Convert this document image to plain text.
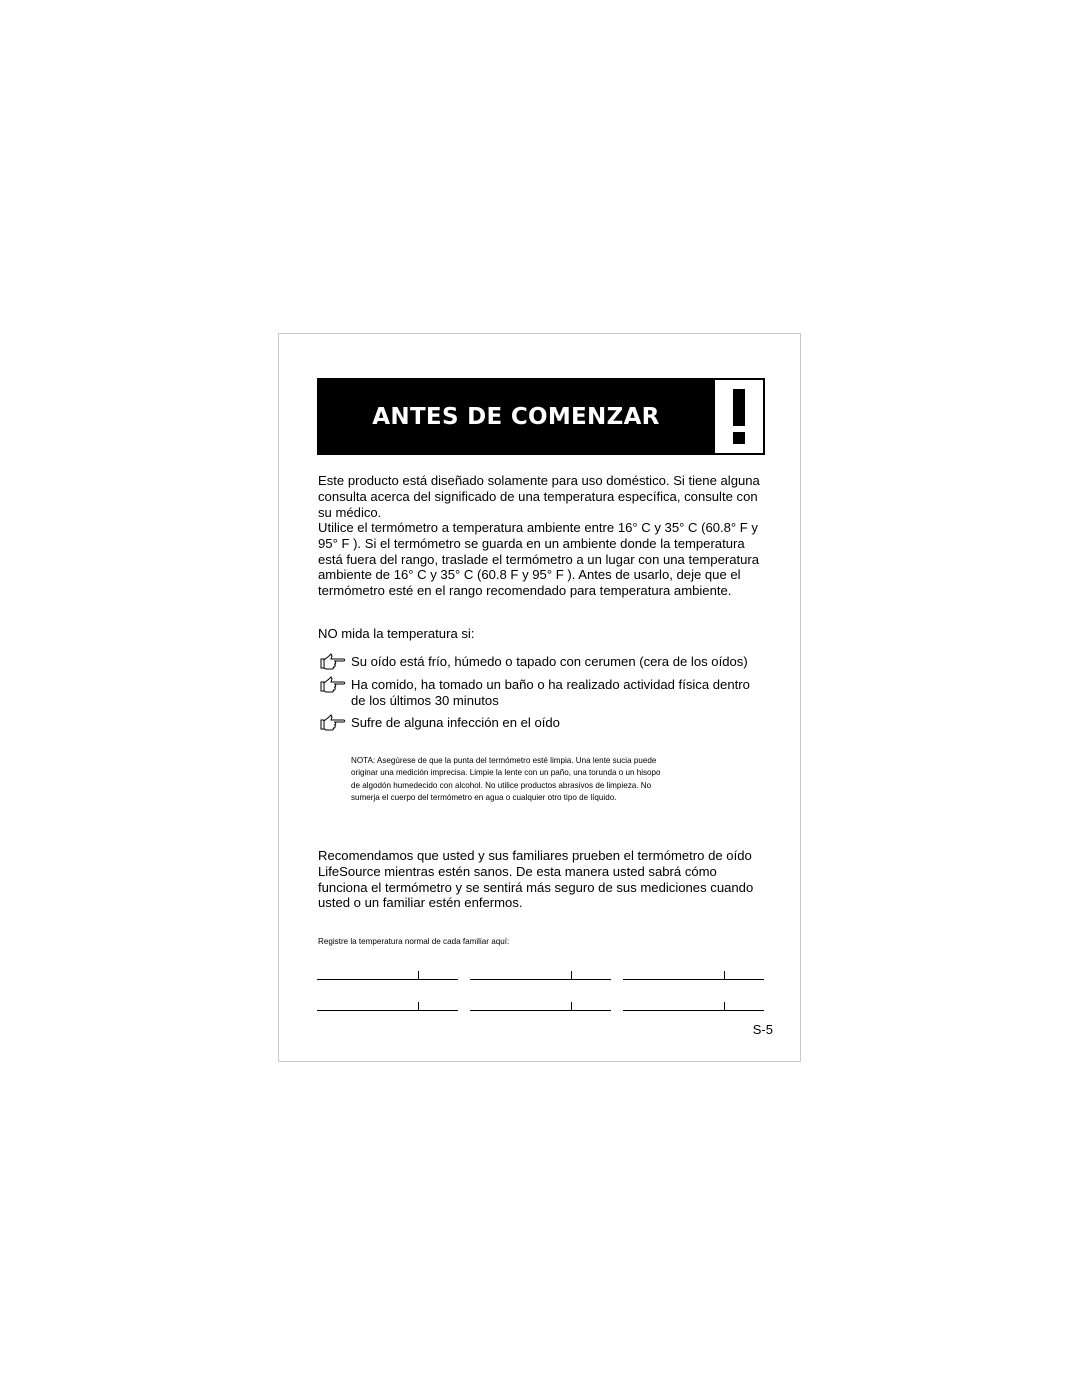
ANTES DE COMENZAR
Este producto está diseñado solamente para uso doméstico. Si tiene alguna consulta acerca del significado de una temperatura específica, consulte con su médico.
Utilice el termómetro a temperatura ambiente entre 16° C y 35° C (60.8° F y 95° F ). Si el termómetro se guarda en un ambiente donde la temperatura está fuera del rango, traslade el termómetro a un lugar con una temperatura ambiente de 16° C y 35° C (60.8 F y 95° F ). Antes de usarlo, deje que el termómetro esté en el rango recomendado para temperatura ambiente.
NO mida la temperatura si:
Su oído está frío, húmedo o tapado con cerumen (cera de los oídos)
Ha comido, ha tomado un baño o ha realizado actividad física dentro de los últimos 30 minutos
Sufre de alguna infección en el oído
NOTA: Asegúrese de que la punta del termómetro esté limpia. Una lente sucia puede originar una medición imprecisa. Limpie la lente con un paño, una torunda o un hisopo de algodón humedecido con alcohol. No utilice productos abrasivos de limpieza. No sumerja el cuerpo del termómetro en agua o cualquier otro tipo de líquido.
Recomendamos que usted y sus familiares prueben el termómetro de oído LifeSource mientras estén sanos. De esta manera usted sabrá cómo funciona el termómetro y se sentirá más seguro de sus mediciones cuando usted o un familiar estén enfermos.
Registre la temperatura normal de cada familiar aquí:
S-5
